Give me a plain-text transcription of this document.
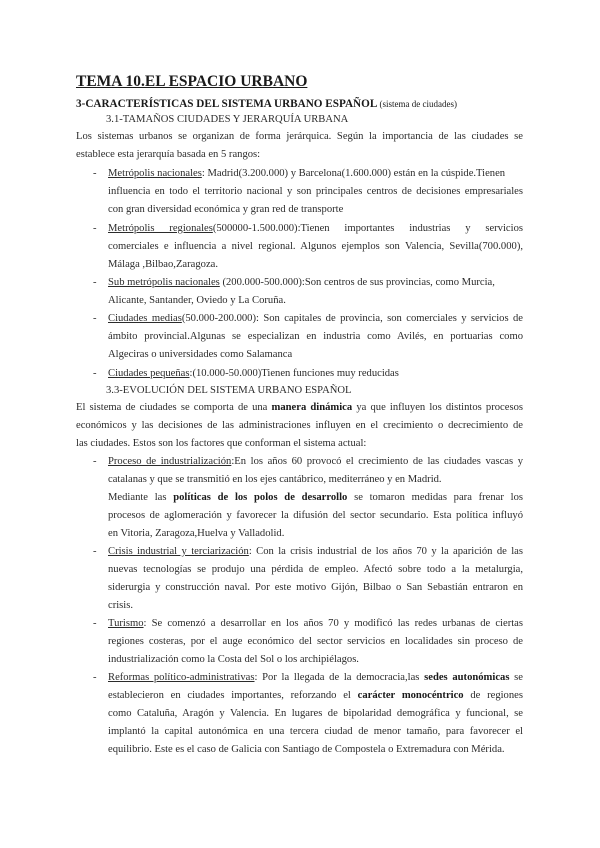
TEMA 10.EL ESPACIO URBANO
3-CARACTERÍSTICAS DEL SISTEMA URBANO ESPAÑOL (sistema de ciudades)
3.1-TAMAÑOS CIUDADES Y JERARQUÍA URBANA
Los sistemas urbanos se organizan de forma jerárquica. Según la importancia de las ciudades se
establece esta jerarquía basada en 5 rangos:
- Metrópolis nacionales: Madrid(3.200.000) y Barcelona(1.600.000) están en la cúspide.Tienen
influencia en todo el territorio nacional y son principales centros de decisiones empresariales
con gran diversidad económica y gran red de transporte
- Metrópolis regionales(500000-1.500.000):Tienen importantes industrias y servicios
comerciales e influencia a nivel regional. Algunos ejemplos son Valencia, Sevilla(700.000),
Málaga ,Bilbao,Zaragoza.
- Sub metrópolis nacionales (200.000-500.000):Son centros de sus provincias, como Murcia,
Alicante, Santander, Oviedo y La Coruña.
- Ciudades medias(50.000-200.000): Son capitales de provincia, son comerciales y servicios de
ámbito provincial.Algunas se especializan en industria como Avilés, en portuarias como
Algeciras o universidades como Salamanca
- Ciudades pequeñas:(10.000-50.000)Tienen funciones muy reducidas
3.3-EVOLUCIÓN DEL SISTEMA URBANO ESPAÑOL
El sistema de ciudades se comporta de una manera dinámica ya que influyen los distintos procesos
económicos y las decisiones de las administraciones influyen en el crecimiento o decrecimiento de
las ciudades. Estos son los factores que conforman el sistema actual:
- Proceso de industrialización:En los años 60 provocó el crecimiento de las ciudades vascas y
catalanas y que se transmitió en los ejes cantábrico, mediterráneo y en Madrid.
Mediante las políticas de los polos de desarrollo se tomaron medidas para frenar los
procesos de aglomeración y favorecer la difusión del sector secundario. Esta política influyó
en Vitoria, Zaragoza,Huelva y Valladolid.
- Crisis industrial y terciarización: Con la crisis industrial de los años 70 y la aparición de las
nuevas tecnologías se produjo una pérdida de empleo. Afectó sobre todo a la metalurgia,
siderurgia y construcción naval. Por este motivo Gijón, Bilbao o San Sebastián entraron en
crisis.
- Turismo: Se comenzó a desarrollar en los años 70 y modificó las redes urbanas de ciertas
regiones costeras, por el auge económico del sector servicios en localidades sin proceso de
industrialización como la Costa del Sol o los archipiélagos.
- Reformas político-administrativas: Por la llegada de la democracia,las sedes autonómicas se
establecieron en ciudades importantes, reforzando el carácter monocéntrico de regiones
como Cataluña, Aragón y Valencia. En lugares de bipolaridad demográfica y funcional, se
implantó la capital autonómica en una tercera ciudad de menor tamaño, para favorecer el
equilibrio. Este es el caso de Galicia con Santiago de Compostela o Extremadura con Mérida.
